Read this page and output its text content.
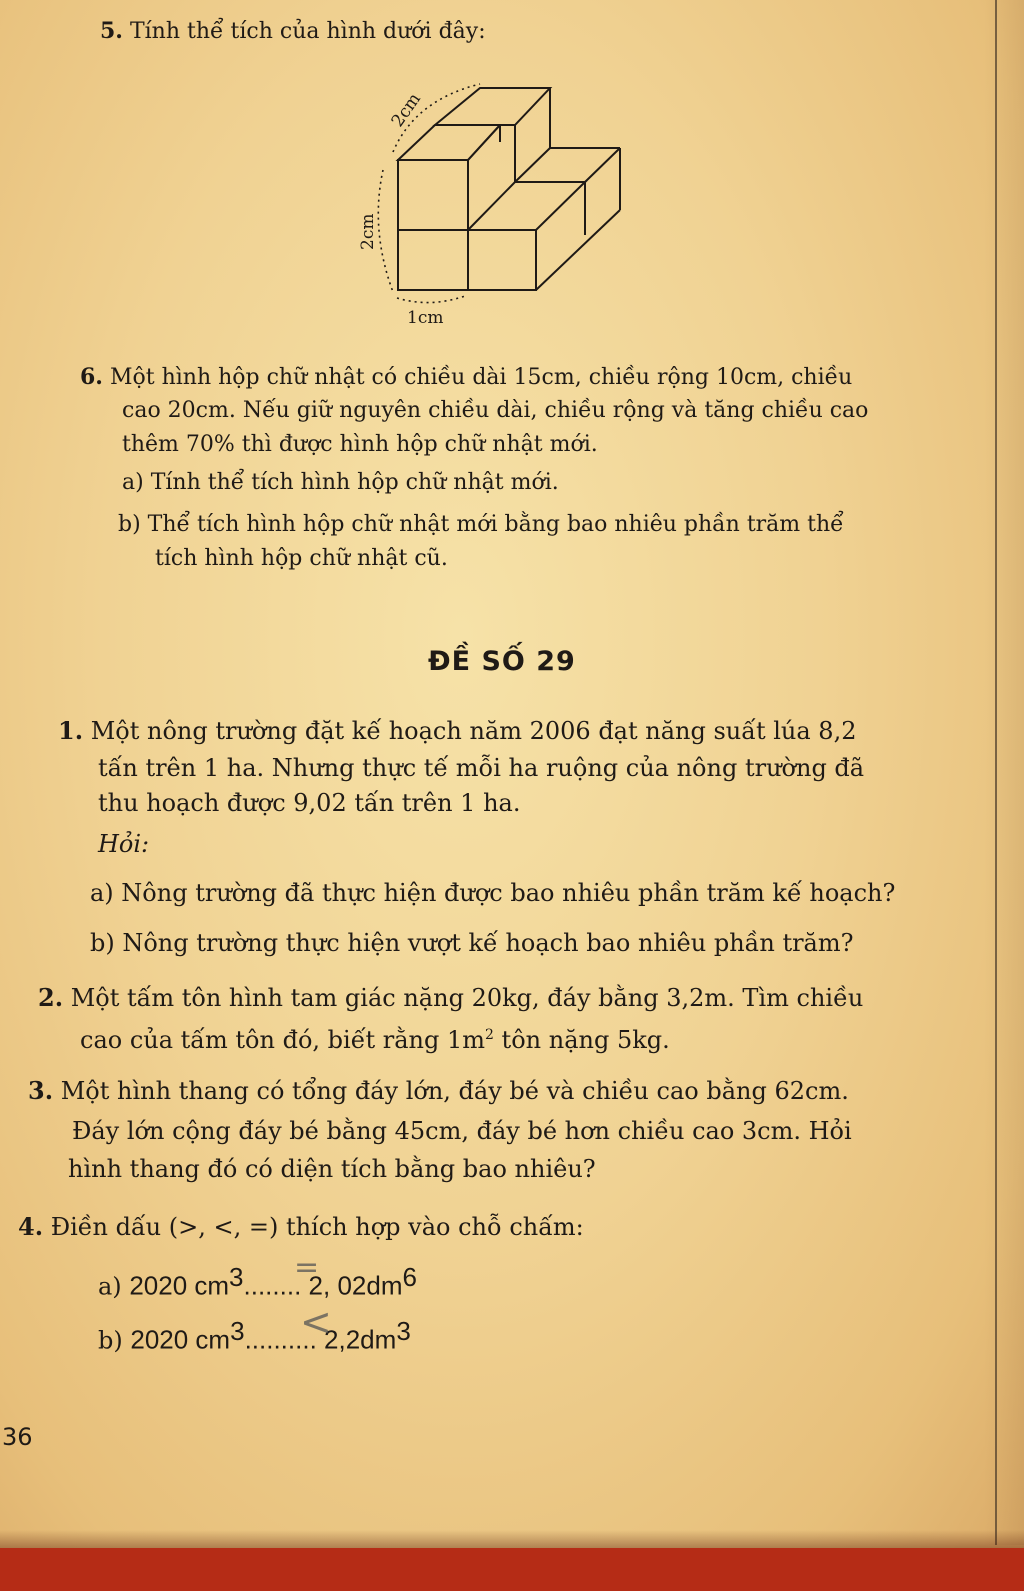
5. Tính thể tích của hình dưới đây:
2cm
2cm
1cm
6. Một hình hộp chữ nhật có chiều dài 15cm, chiều rộng 10cm, chiều
cao 20cm. Nếu giữ nguyên chiều dài, chiều rộng và tăng chiều cao
thêm 70% thì được hình hộp chữ nhật mới.
a) Tính thể tích hình hộp chữ nhật mới.
b) Thể tích hình hộp chữ nhật mới bằng bao nhiêu phần trăm thể
tích hình hộp chữ nhật cũ.
ĐỀ SỐ 29
1. Một nông trường đặt kế hoạch năm 2006 đạt năng suất lúa 8,2
tấn trên 1 ha. Nhưng thực tế mỗi ha ruộng của nông trường đã
thu hoạch được 9,02 tấn trên 1 ha.
Hỏi:
a) Nông trường đã thực hiện được bao nhiêu phần trăm kế hoạch?
b) Nông trường thực hiện vượt kế hoạch bao nhiêu phần trăm?
2. Một tấm tôn hình tam giác nặng 20kg, đáy bằng 3,2m. Tìm chiều
cao của tấm tôn đó, biết rằng $1m^2$ tôn nặng 5kg.
3. Một hình thang có tổng đáy lớn, đáy bé và chiều cao bằng 62cm.
Đáy lớn cộng đáy bé bằng 45cm, đáy bé hơn chiều cao 3cm. Hỏi
hình thang đó có diện tích bằng bao nhiêu?
4. Điền dấu (>, <, =) thích hợp vào chỗ chấm:
a) 2020 $cm^3$........ 2, $02dm^6$
=
b) 2020 $cm^3$.......... $2,2dm^3$
<
36
